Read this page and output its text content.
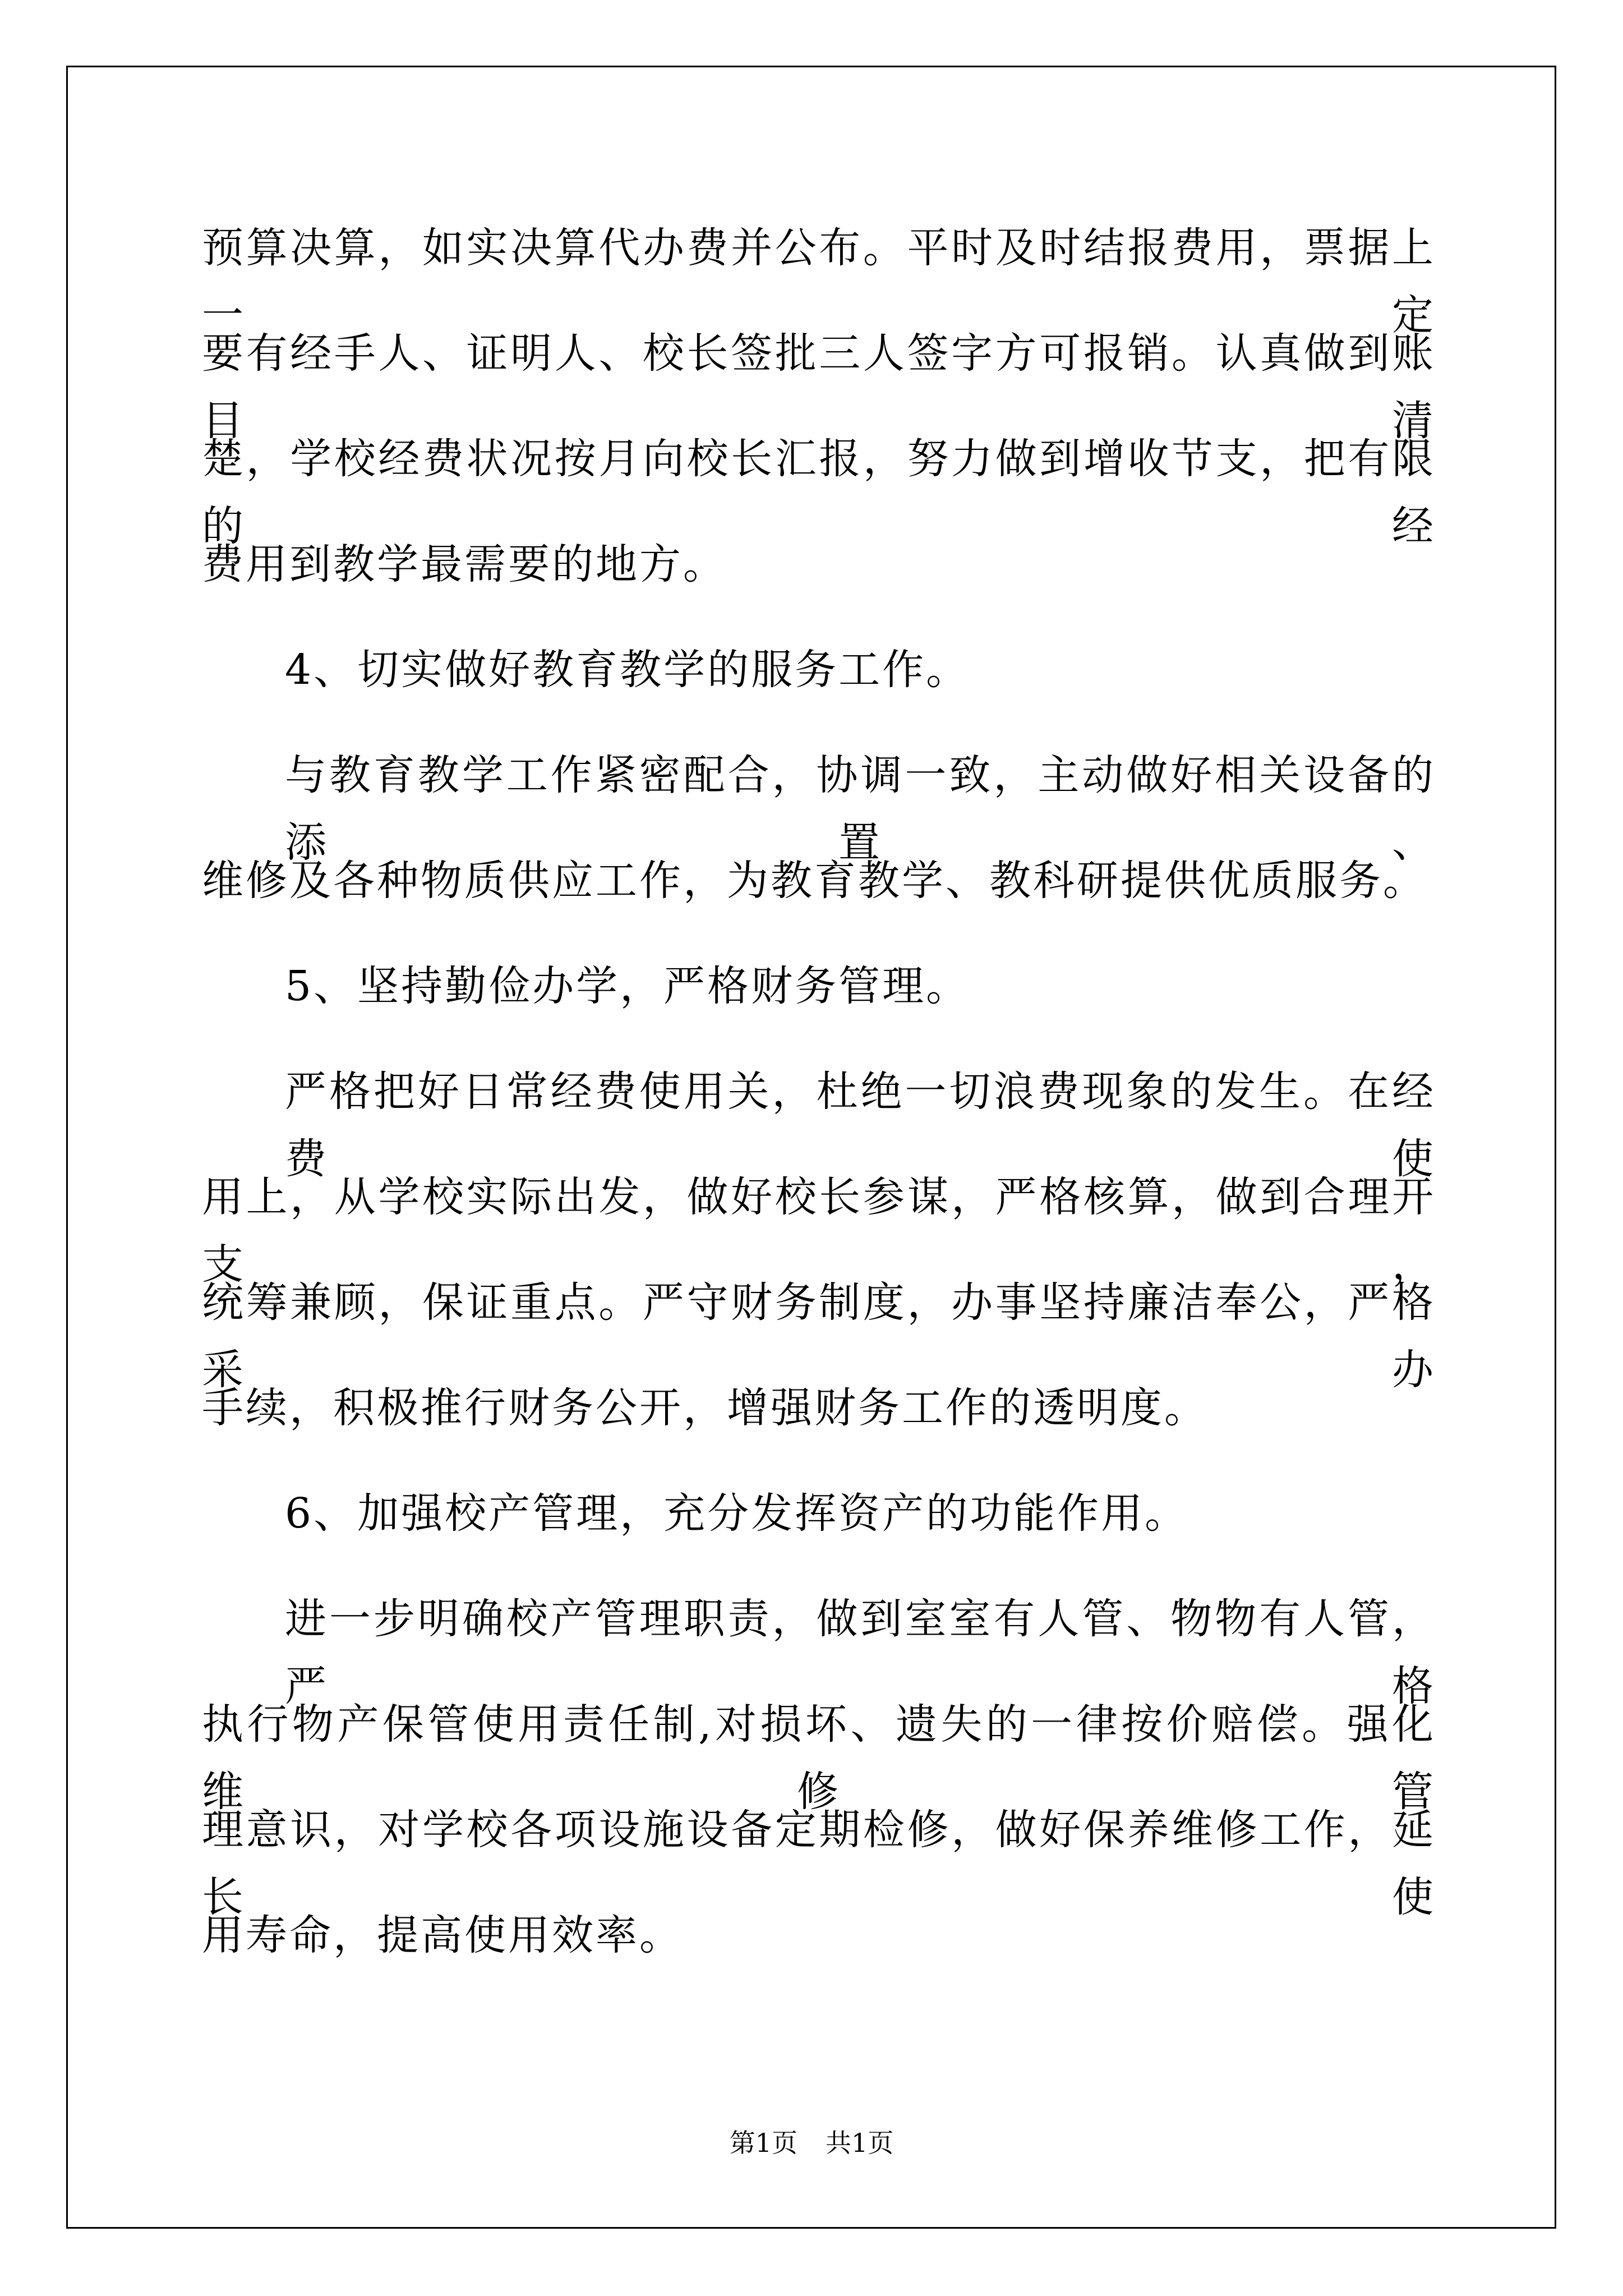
预算决算，如实决算代办费并公布。平时及时结报费用，票据上一定
要有经手人、证明人、校长签批三人签字方可报销。认真做到账目清
楚，学校经费状况按月向校长汇报，努力做到增收节支，把有限的经
费用到教学最需要的地方。
4、切实做好教育教学的服务工作。
与教育教学工作紧密配合，协调一致，主动做好相关设备的添置、
维修及各种物质供应工作，为教育教学、教科研提供优质服务。
5、坚持勤俭办学，严格财务管理。
严格把好日常经费使用关，杜绝一切浪费现象的发生。在经费使
用上，从学校实际出发，做好校长参谋，严格核算，做到合理开支，
统筹兼顾，保证重点。严守财务制度，办事坚持廉洁奉公，严格采办
手续，积极推行财务公开，增强财务工作的透明度。
6、加强校产管理，充分发挥资产的功能作用。
进一步明确校产管理职责，做到室室有人管、物物有人管，严格
执行物产保管使用责任制,对损坏、遗失的一律按价赔偿。强化维修管
理意识，对学校各项设施设备定期检修，做好保养维修工作，延长使
用寿命，提高使用效率。
第1页 共1页
